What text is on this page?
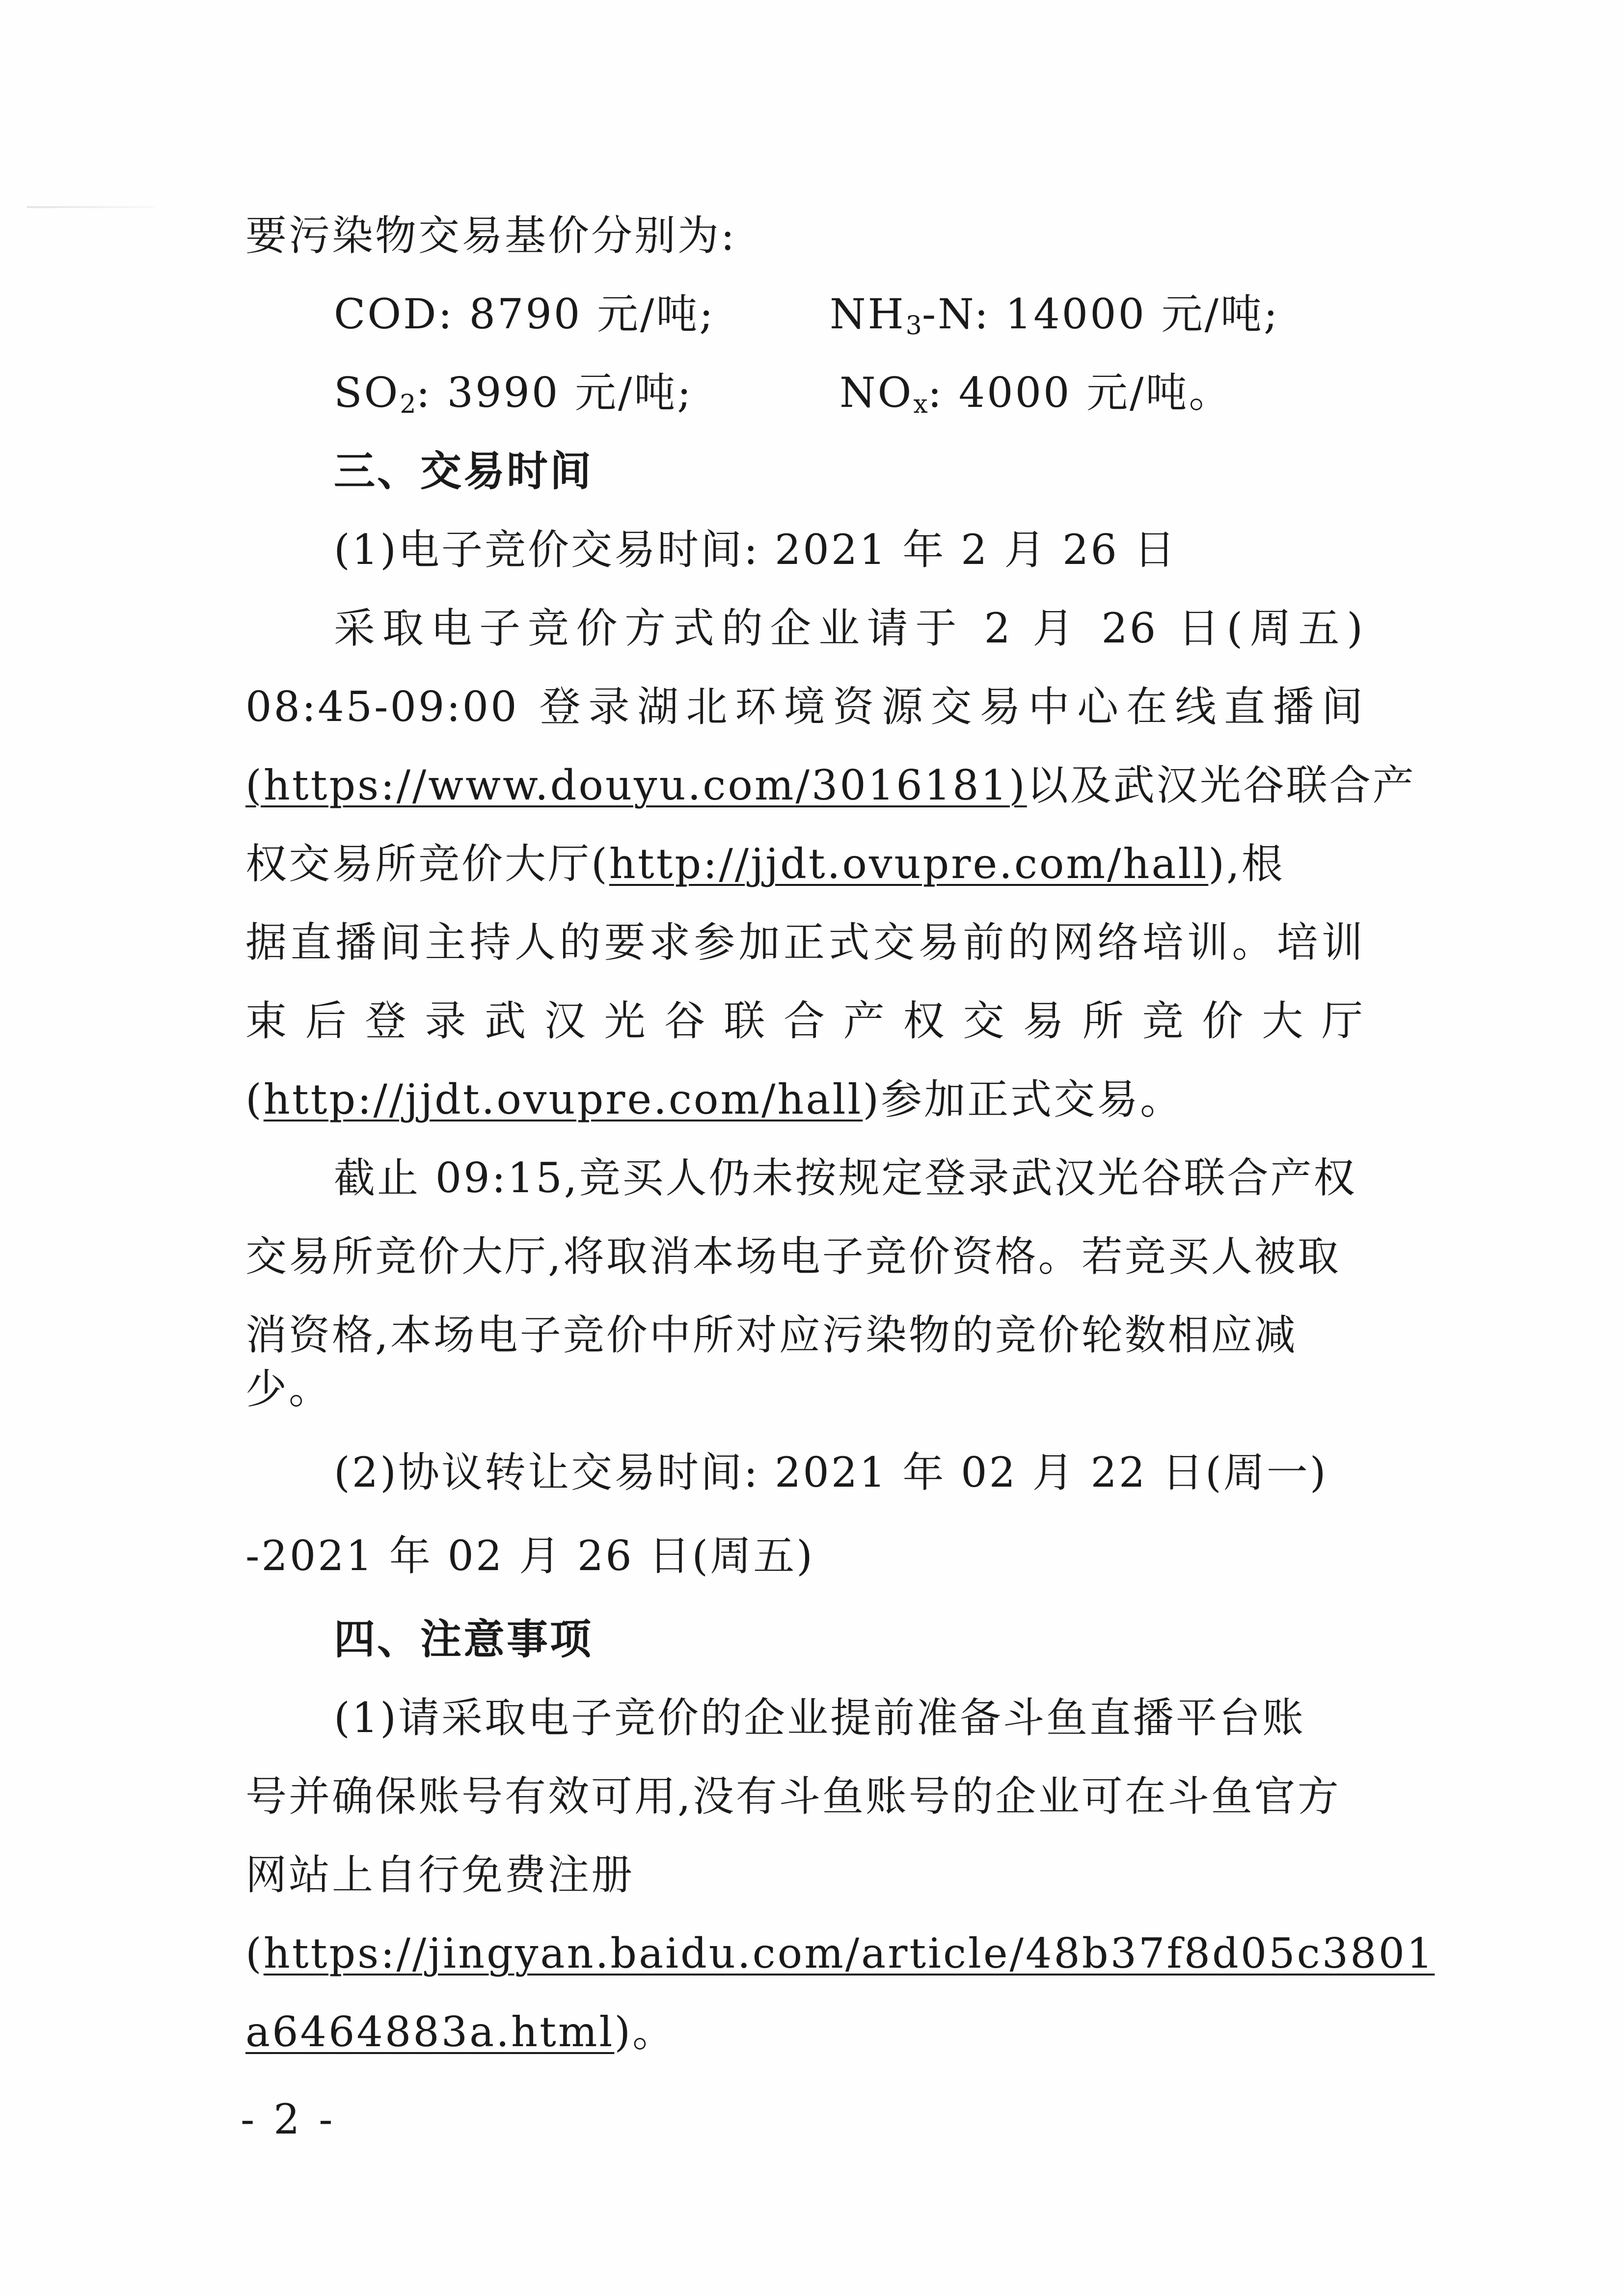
要污染物交易基价分别为:
COD: 8790 元/吨;	$NH_3-N$: 14000 元/吨;
$SO_2$: 3990 元/吨;	$NO_x$: 4000 元/吨。
三、交易时间
(1)电子竞价交易时间: 2021 年 2 月 26 日
采取电子竞价方式的企业请于 2 月 26 日(周五)
08:45-09:00 登录湖北环境资源交易中心在线直播间
(https://www.douyu.com/3016181)以及武汉光谷联合产
权交易所竞价大厅(http://jjdt.ovupre.com/hall),根
据直播间主持人的要求参加正式交易前的网络培训。培训
束后登录武汉光谷联合产权交易所竞价大厅
(http://jjdt.ovupre.com/hall)参加正式交易。
截止 09:15,竞买人仍未按规定登录武汉光谷联合产权
交易所竞价大厅,将取消本场电子竞价资格。若竞买人被取
消资格,本场电子竞价中所对应污染物的竞价轮数相应减
少。
(2)协议转让交易时间: 2021 年 02 月 22 日(周一)
-2021 年 02 月 26 日(周五)
四、注意事项
(1)请采取电子竞价的企业提前准备斗鱼直播平台账
号并确保账号有效可用,没有斗鱼账号的企业可在斗鱼官方
网站上自行免费注册
(https://jingyan.baidu.com/article/48b37f8d05c3801
a6464883a.html)。
- 2 -
